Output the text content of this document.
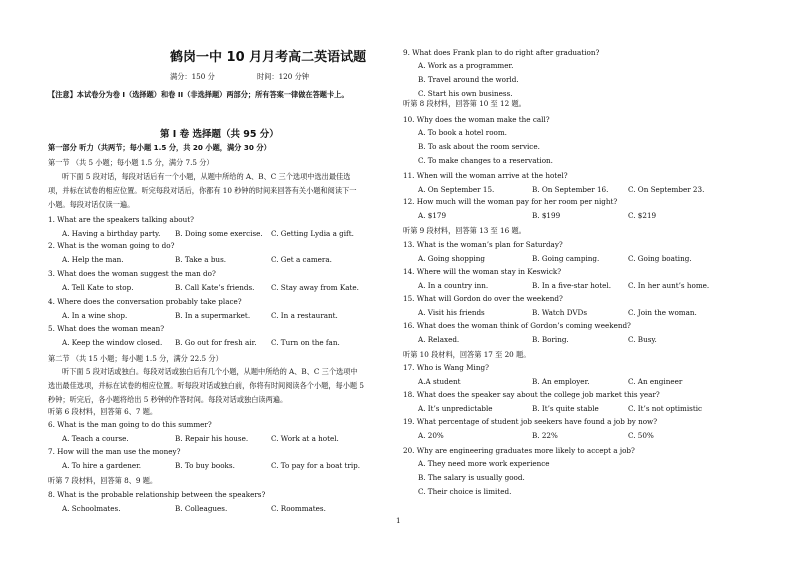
鹤岗一中 10 月月考高二英语试题
满分：150 分	时间：120 分钟
【注意】本试卷分为卷 I（选择题）和卷 II（非选择题）两部分；所有答案一律做在答题卡上。
第 I 卷 选择题（共 95 分）
第一部分 听力（共两节；每小题 1.5 分，共 20 小题，满分 30 分）
第一节 （共 5 小题；每小题 1.5 分，满分 7.5 分）
听下面 5 段对话，每段对话后有一个小题，从题中所给的 A、B、C 三个选项中选出最佳选
项，并标在试卷的相应位置。听完每段对话后，你都有 10 秒钟的时间来回答有关小题和阅读下一
小题。每段对话仅读一遍。
1. What are the speakers talking about?
A. Having a birthday party. B. Doing some exercise. C. Getting Lydia a gift.
2. What is the woman going to do?
A. Help the man.	B. Take a bus.	C. Get a camera.
3. What does the woman suggest the man do?
A. Tell Kate to stop.	B. Call Kate’s friends. C. Stay away from Kate.
4. Where does the conversation probably take place?
A. In a wine shop.	B. In a supermarket.	C. In a restaurant.
5. What does the woman mean?
A. Keep the window closed. B. Go out for fresh air. C. Turn on the fan.
第二节 （共 15 小题；每小题 1.5 分，满分 22.5 分）
听下面 5 段对话或独白。每段对话或独白后有几个小题，从题中所给的 A、B、C 三个选项中
选出最佳选项，并标在试卷的相应位置。听每段对话或独白前，你将有时间阅读各个小题，每小题 5
秒钟；听完后，各小题将给出 5 秒钟的作答时间。每段对话或独白读两遍。
听第 6 段材料，回答第 6、7 题。
6. What is the man going to do this summer?
A. Teach a course.	B. Repair his house.	C. Work at a hotel.
7. How will the man use the money?
A. To hire a gardener.	B. To buy books.	C. To pay for a boat trip.
8. What is the probable relationship between the speakers?
A. Schoolmates.	B. Colleagues.	C. Roommates.
听第 7 段材料，回答第 8、9 题。
9. What does Frank plan to do right after graduation?
A. Work as a programmer.
B. Travel around the world.
C. Start his own business.
听第 8 段材料，回答第 10 至 12 题。
10. Why does the woman make the call?
A. To book a hotel room.
B. To ask about the room service.
C. To make changes to a reservation.
11. When will the woman arrive at the hotel?
A. On September 15.	B. On September 16.	C. On September 23.
12. How much will the woman pay for her room per night?
A. $179	B. $199	C. $219
听第 9 段材料，回答第 13 至 16 题。
13. What is the woman’s plan for Saturday?
A. Going shopping	B. Going camping.	C. Going boating.
14. Where will the woman stay in Keswick?
A. In a country inn.	B. In a five-star hotel. C. In her aunt’s home.
15. What will Gordon do over the weekend?
A. Visit his friends	B. Watch DVDs	C. Join the woman.
16. What does the woman think of Gordon’s coming weekend?
A. Relaxed.	B. Boring.	C. Busy.
听第 10 段材料，回答第 17 至 20 题。
17. Who is Wang Ming?
A.A student	B. An employer.	C. An engineer
18. What does the speaker say about the college job market this year?
A. It’s unpredictable	B. It’s quite stable	C. It’s not optimistic
19. What percentage of student job seekers have found a job by now?
A. 20%	B. 22%	C. 50%
20. Why are engineering graduates more likely to accept a job?
A. They need more work experience
B. The salary is usually good.
C. Their choice is limited.
1
